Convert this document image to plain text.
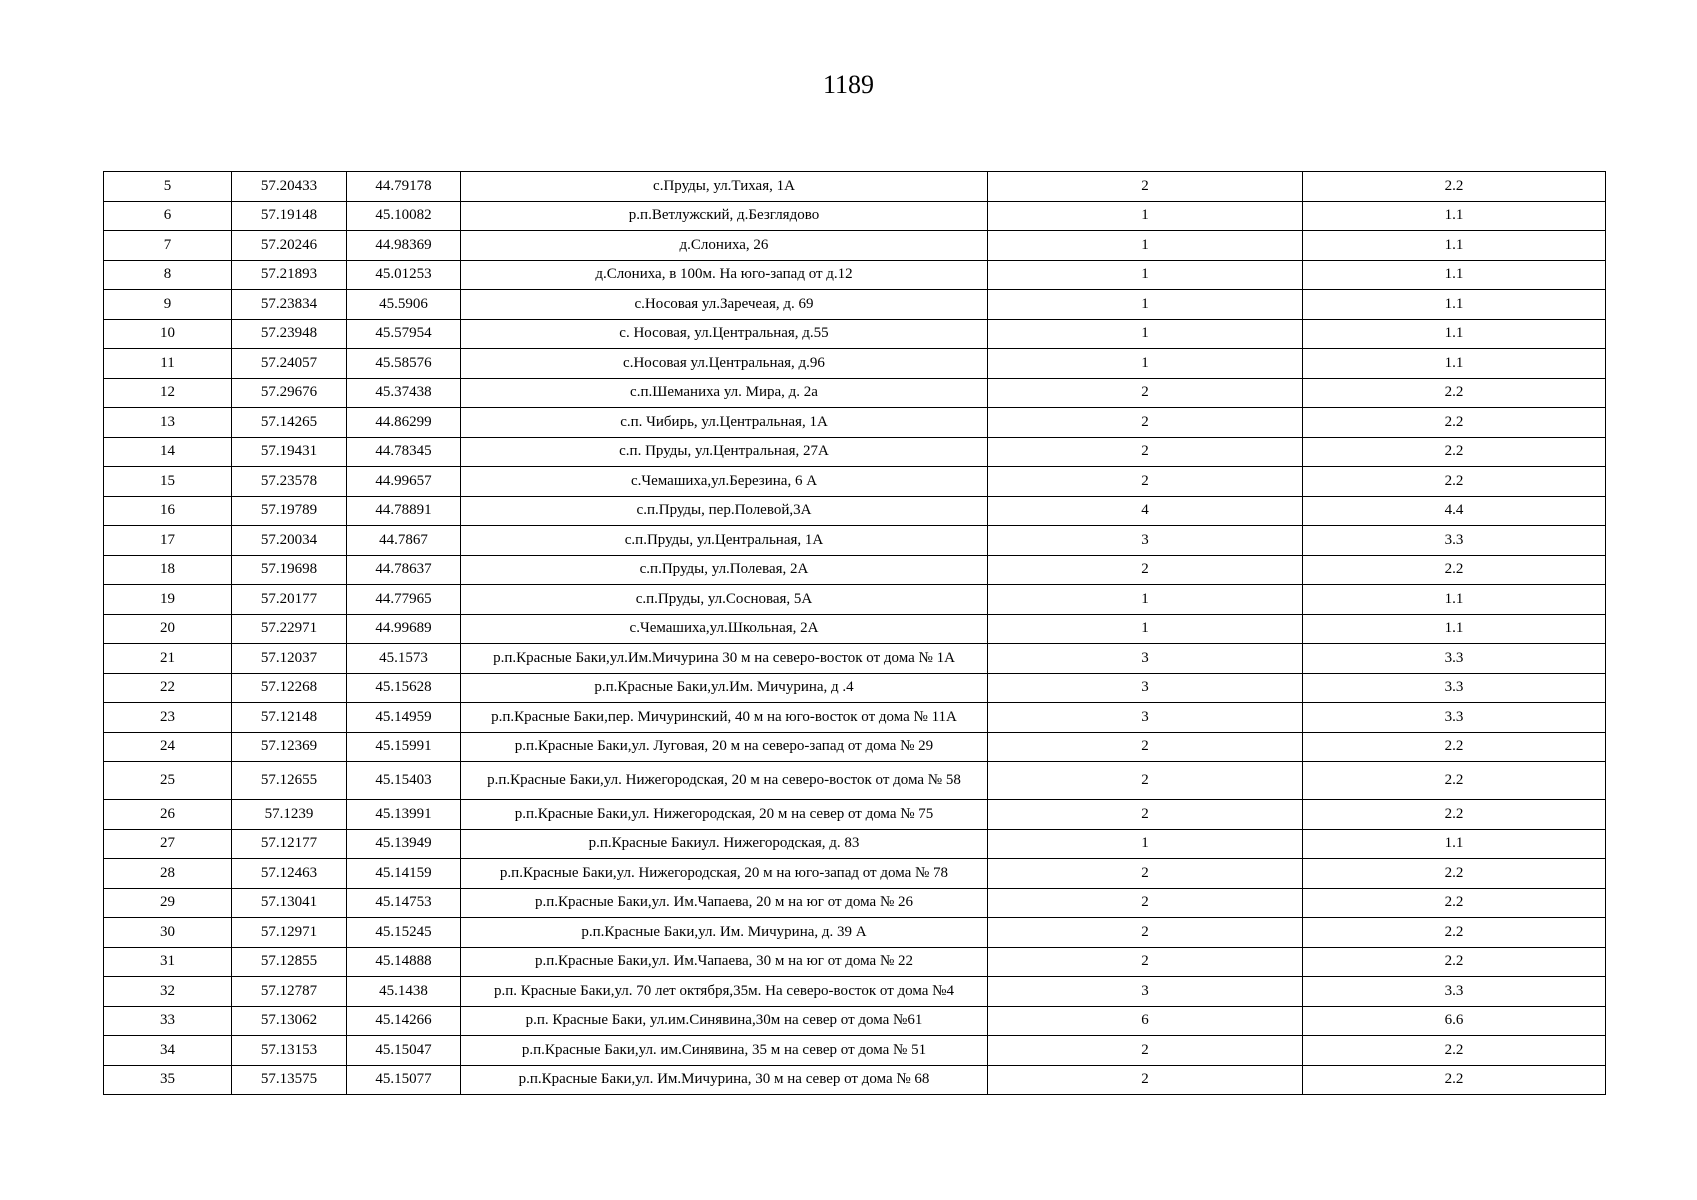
1189
5	57.20433	44.79178	с.Пруды, ул.Тихая, 1А	2	2.2
6	57.19148	45.10082	р.п.Ветлужский, д.Безглядово	1	1.1
7	57.20246	44.98369	д.Слониха, 26	1	1.1
8	57.21893	45.01253	д.Слониха, в 100м. На юго-запад от д.12	1	1.1
9	57.23834	45.5906	с.Носовая ул.Заречеая, д. 69	1	1.1
10	57.23948	45.57954	с. Носовая, ул.Центральная, д.55	1	1.1
11	57.24057	45.58576	с.Носовая ул.Центральная, д.96	1	1.1
12	57.29676	45.37438	с.п.Шеманиха ул. Мира, д. 2а	2	2.2
13	57.14265	44.86299	с.п. Чибирь, ул.Центральная, 1А	2	2.2
14	57.19431	44.78345	с.п. Пруды, ул.Центральная, 27А	2	2.2
15	57.23578	44.99657	с.Чемашиха,ул.Березина, 6 А	2	2.2
16	57.19789	44.78891	с.п.Пруды, пер.Полевой,3А	4	4.4
17	57.20034	44.7867	с.п.Пруды, ул.Центральная, 1А	3	3.3
18	57.19698	44.78637	с.п.Пруды, ул.Полевая, 2А	2	2.2
19	57.20177	44.77965	с.п.Пруды, ул.Сосновая, 5А	1	1.1
20	57.22971	44.99689	с.Чемашиха,ул.Школьная, 2А	1	1.1
21	57.12037	45.1573	р.п.Красные Баки,ул.Им.Мичурина 30 м на северо-восток от дома № 1А	3	3.3
22	57.12268	45.15628	р.п.Красные Баки,ул.Им. Мичурина, д .4	3	3.3
23	57.12148	45.14959	р.п.Красные Баки,пер. Мичуринский, 40 м на юго-восток от дома № 11А	3	3.3
24	57.12369	45.15991	р.п.Красные Баки,ул. Луговая, 20 м на северо-запад от дома № 29	2	2.2
25	57.12655	45.15403	р.п.Красные Баки,ул. Нижегородская, 20 м на северо-восток от дома № 58	2	2.2
26	57.1239	45.13991	р.п.Красные Баки,ул. Нижегородская, 20 м на север от дома № 75	2	2.2
27	57.12177	45.13949	р.п.Красные Бакиул. Нижегородская, д. 83	1	1.1
28	57.12463	45.14159	р.п.Красные Баки,ул. Нижегородская, 20 м на юго-запад от дома № 78	2	2.2
29	57.13041	45.14753	р.п.Красные Баки,ул. Им.Чапаева, 20 м на юг от дома № 26	2	2.2
30	57.12971	45.15245	р.п.Красные Баки,ул. Им. Мичурина, д. 39 А	2	2.2
31	57.12855	45.14888	р.п.Красные Баки,ул. Им.Чапаева, 30 м на юг от дома № 22	2	2.2
32	57.12787	45.1438	р.п. Красные Баки,ул. 70 лет октября,35м. На северо-восток от дома №4	3	3.3
33	57.13062	45.14266	р.п. Красные Баки, ул.им.Синявина,30м на север от дома №61	6	6.6
34	57.13153	45.15047	р.п.Красные Баки,ул. им.Синявина, 35 м на север от дома № 51	2	2.2
35	57.13575	45.15077	р.п.Красные Баки,ул. Им.Мичурина, 30 м на север от дома № 68	2	2.2
